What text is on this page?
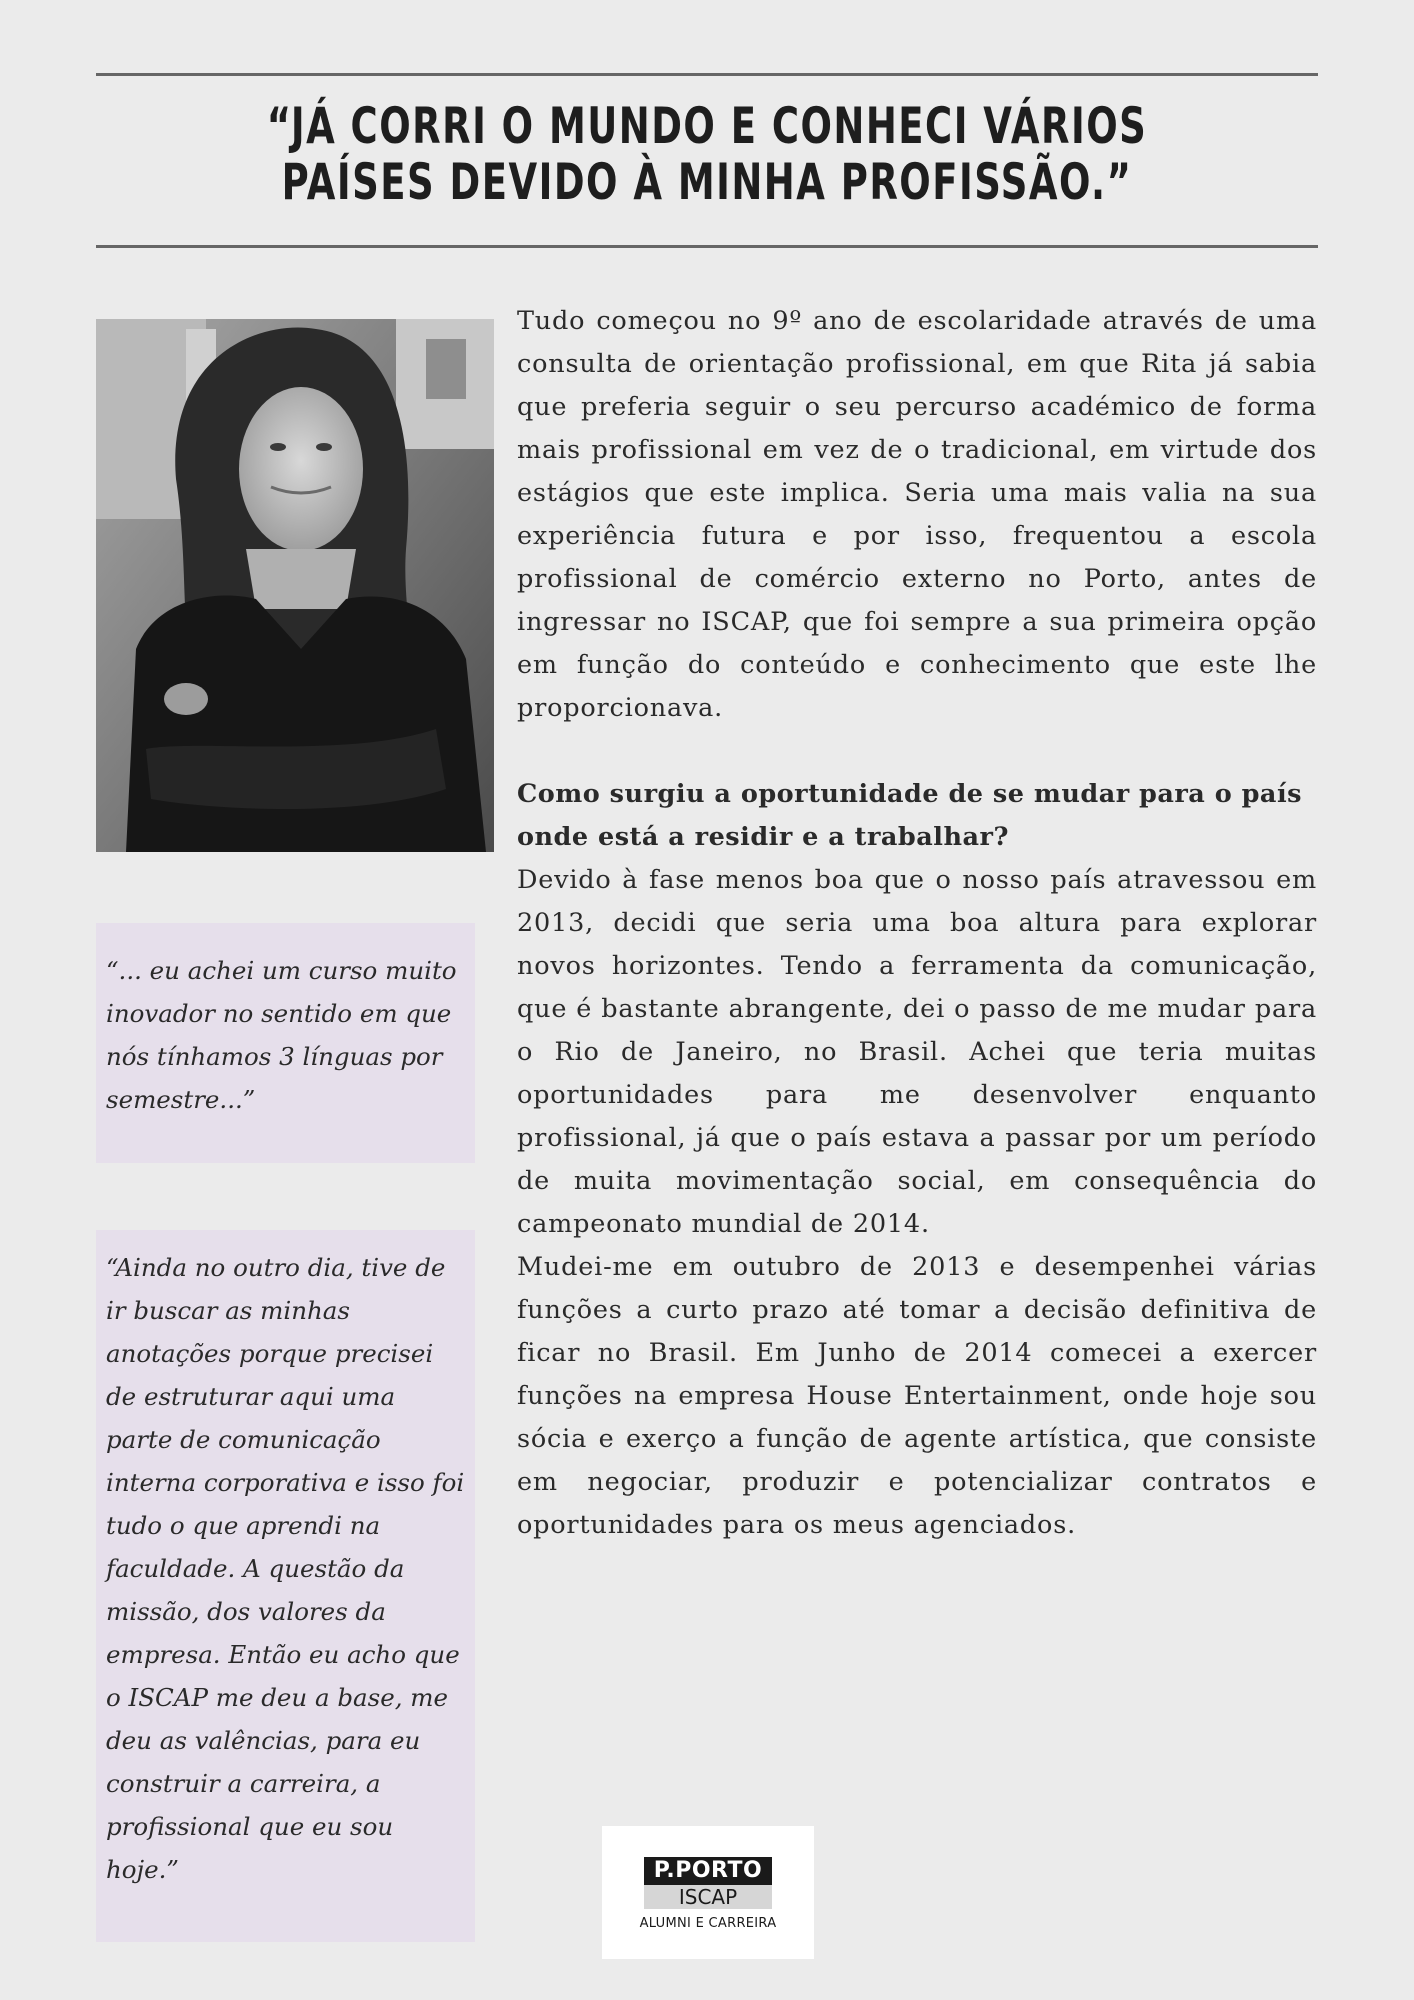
“JÁ CORRI O MUNDO E CONHECI VÁRIOS PAÍSES DEVIDO À MINHA PROFISSÃO.”

“... eu achei um curso muito inovador no sentido em que nós tínhamos 3 línguas por semestre...”

“Ainda no outro dia, tive de ir buscar as minhas anotações porque precisei de estruturar aqui uma parte de comunicação interna corporativa e isso foi tudo o que aprendi na faculdade. A questão da missão, dos valores da empresa. Então eu acho que o ISCAP me deu a base, me deu as valências, para eu construir a carreira, a profissional que eu sou hoje.”

Tudo começou no 9º ano de escolaridade através de uma consulta de orientação profissional, em que Rita já sabia que preferia seguir o seu percurso académico de forma mais profissional em vez de o tradicional, em virtude dos estágios que este implica. Seria uma mais valia na sua experiência futura e por isso, frequentou a escola profissional de comércio externo no Porto, antes de ingressar no ISCAP, que foi sempre a sua primeira opção em função do conteúdo e conhecimento que este lhe proporcionava.

Como surgiu a oportunidade de se mudar para o país onde está a residir e a trabalhar?

Devido à fase menos boa que o nosso país atravessou em 2013, decidi que seria uma boa altura para explorar novos horizontes. Tendo a ferramenta da comunicação, que é bastante abrangente, dei o passo de me mudar para o Rio de Janeiro, no Brasil. Achei que teria muitas oportunidades para me desenvolver enquanto profissional, já que o país estava a passar por um período de muita movimentação social, em consequência do campeonato mundial de 2014.

Mudei-me em outubro de 2013 e desempenhei várias funções a curto prazo até tomar a decisão definitiva de ficar no Brasil. Em Junho de 2014 comecei a exercer funções na empresa House Entertainment, onde hoje sou sócia e exerço a função de agente artística, que consiste em negociar, produzir e potencializar contratos e oportunidades para os meus agenciados.

P.PORTO
ISCAP
ALUMNI E CARREIRA
